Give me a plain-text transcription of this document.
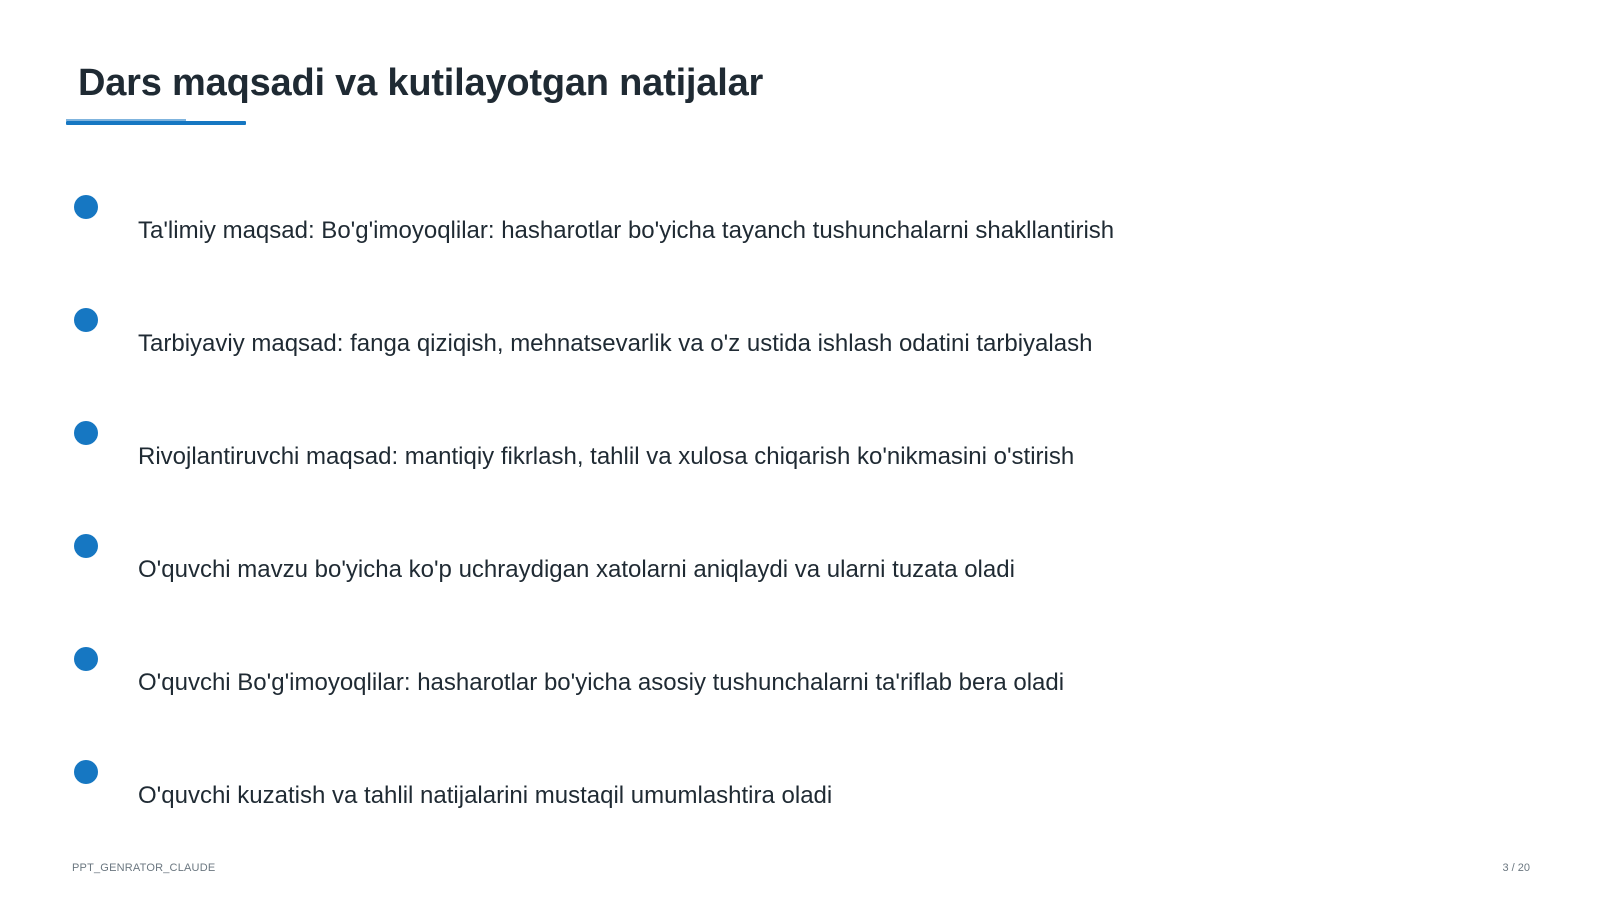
Dars maqsadi va kutilayotgan natijalar
Ta'limiy maqsad: Bo'g'imoyoqlilar: hasharotlar bo'yicha tayanch tushunchalarni shakllantirish
Tarbiyaviy maqsad: fanga qiziqish, mehnatsevarlik va o'z ustida ishlash odatini tarbiyalash
Rivojlantiruvchi maqsad: mantiqiy fikrlash, tahlil va xulosa chiqarish ko'nikmasini o'stirish
O'quvchi mavzu bo'yicha ko'p uchraydigan xatolarni aniqlaydi va ularni tuzata oladi
O'quvchi Bo'g'imoyoqlilar: hasharotlar bo'yicha asosiy tushunchalarni ta'riflab bera oladi
O'quvchi kuzatish va tahlil natijalarini mustaqil umumlashtira oladi
PPT_GENRATOR_CLAUDE	3 / 20
